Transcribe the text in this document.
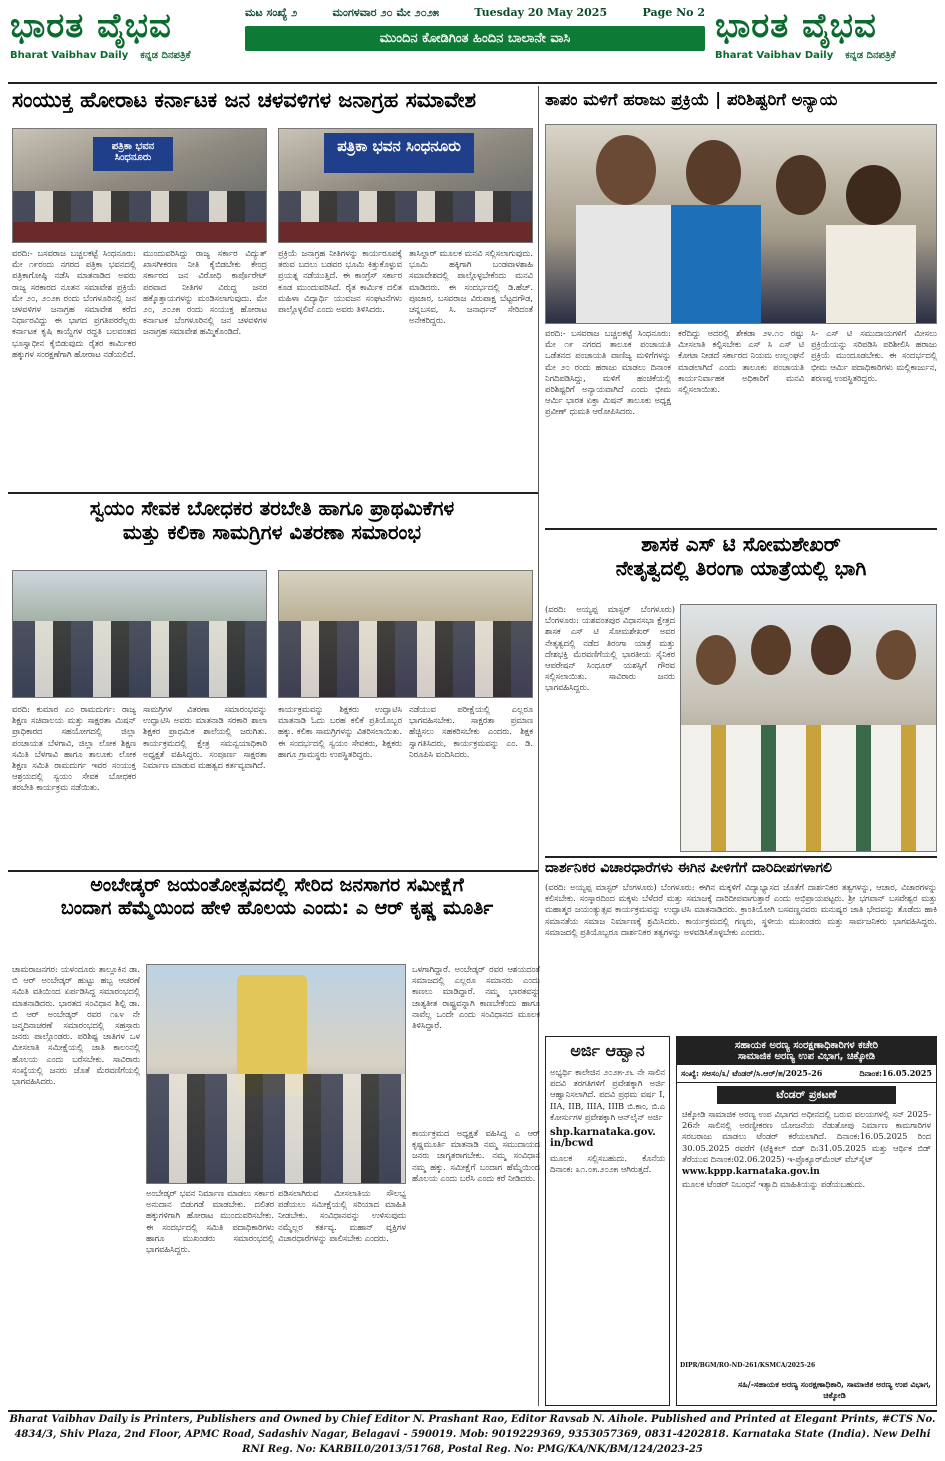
ಭಾರತ ವೈಭವ
Bharat Vaibhav Daily ಕನ್ನಡ ದಿನಪತ್ರಿಕೆ
ಮಟ ಸಂಖ್ಯೆ ೨	ಮಂಗಳವಾರ ೨೦ ಮೇ ೨೦೨೫	Tuesday 20 May 2025	Page No 2
ಮುಂದಿನ ಕೋಡಿಗಿಂತ ಹಿಂದಿನ ಬಾಲಾನೇ ವಾಸಿ	ಭಾರತ ವೈಭವ
Bharat Vaibhav Daily ಕನ್ನಡ ದಿನಪತ್ರಿಕೆ
ಸಂಯುಕ್ತ ಹೋರಾಟ ಕರ್ನಾಟಕ ಜನ ಚಳವಳಿಗಳ ಜನಾಗ್ರಹ ಸಮಾವೇಶ
ಪತ್ರಿಕಾ ಭವನ ಸಿಂಧನೂರು
ಪತ್ರಿಕಾ ಭವನ ಸಿಂಧನೂರು
ವರದಿ:- ಬಸವರಾಜ ಬಚ್ಚಲಕಟ್ಟೆ ಸಿಂಧನೂರು: ಮೇ ೧೯ರಂದು ನಗರದ ಪತ್ರಿಕಾ ಭವನದಲ್ಲಿ ಪತ್ರಿಕಾಗೋಷ್ಠಿ ನಡೆಸಿ ಮಾತನಾಡಿದ ಅವರು ರಾಜ್ಯ ಸರಕಾರದ ನೂತನ ಸಮಾವೇಶ ಪ್ರಕ್ರಿಯೆ ಮೇ ೨೦, ೨೦೨೫ ರಂದು ಬೆಂಗಳೂರಿನಲ್ಲಿ ಜನ ಚಳವಳಿಗಳ ಜನಾಗ್ರಹ ಸಮಾವೇಶ ಕರೆದ ನಿರ್ಧಾರವಿದ್ದು ಈ ಭಾಗದ ಪ್ರಗತಿಪರರೆಲ್ಲರು ಕರ್ನಾಟಕ ಕೃಷಿ ಕಾಯ್ದೆಗಳ ರದ್ದತಿ ಬಲವಂತದ ಭೂಸ್ವಾಧೀನ ಕೈಬಿಡುವುದು ರೈತರ ಕಾರ್ಮಿಕರ ಹಕ್ಕುಗಳ ಸಂರಕ್ಷಣೆಗಾಗಿ ಹೋರಾಟ ನಡೆಯಲಿದೆ.
ಮುಂದುವರಿಸಿದ್ದು ರಾಜ್ಯ ಸರ್ಕಾರ ವಿದ್ಯುತ್ ಖಾಸಗೀಕರಣ ನೀತಿ ಕೈಬಿಡಬೇಕು ಕೇಂದ್ರ ಸರ್ಕಾರದ ಜನ ವಿರೋಧಿ ಕಾರ್ಪೊರೇಟ್ ಪರವಾದ ನೀತಿಗಳ ವಿರುದ್ಧ ಜನರ ಹಕ್ಕೊತ್ತಾಯಗಳನ್ನು ಮಂಡಿಸಲಾಗುವುದು. ಮೇ ೨೦, ೨೦೨೫ ರಂದು ಸಂಯುಕ್ತ ಹೋರಾಟ ಕರ್ನಾಟಕ ಬೆಂಗಳೂರಿನಲ್ಲಿ ಜನ ಚಳವಳಿಗಳ ಜನಾಗ್ರಹ ಸಮಾವೇಶ ಹಮ್ಮಿಕೊಂಡಿದೆ.
ಪ್ರಕ್ರಿಯೆ ಜನಾಗ್ರಹ ನೀತಿಗಳನ್ನು ಕಾರ್ಯರೂಪಕ್ಕೆ ತರುವ ಬದಲು ಬಡವರ ಭೂಮಿ ಕಿತ್ತುಕೊಳ್ಳುವ ಪ್ರಯತ್ನ ನಡೆಯುತ್ತಿದೆ. ಈ ಕಾಂಗ್ರೆಸ್ ಸರ್ಕಾರ ಕೂಡ ಮುಂದುವರಿಸಿದೆ. ರೈತ ಕಾರ್ಮಿಕ ದಲಿತ ಮಹಿಳಾ ವಿದ್ಯಾರ್ಥಿ ಯುವಜನ ಸಂಘಟನೆಗಳು ಪಾಲ್ಗೊಳ್ಳಲಿವೆ ಎಂದು ಅವರು ತಿಳಿಸಿದರು.
ತಾಸಿಲ್ದಾರ್ ಮೂಲಕ ಮನವಿ ಸಲ್ಲಿಸಲಾಗುವುದು. ಭೂಮಿ ಹಕ್ಕಿಗಾಗಿ ಬಂಡವಾಳಶಾಹಿ ಸಮಾವೇಶದಲ್ಲಿ ಪಾಲ್ಗೊಳ್ಳಬೇಕೆಂದು ಮನವಿ ಮಾಡಿದರು. ಈ ಸಂದರ್ಭದಲ್ಲಿ ಡಿ.ಹೆಚ್. ಪೂಜಾರ, ಬಸವರಾಜ ವಿರುಪಾಕ್ಷ ಬೆಟ್ಟದಗೌಡ, ಚನ್ನಬಸವ, ಸಿ. ಜನಾರ್ಧನ್ ಸೇರಿದಂತೆ ಅನೇಕರಿದ್ದರು.
ತಾಪಂ ಮಳಿಗೆ ಹರಾಜು ಪ್ರಕ್ರಿಯೆ | ಪರಿಶಿಷ್ಟರಿಗೆ ಅನ್ಯಾಯ
ವರದಿ:- ಬಸವರಾಜ ಬಚ್ಚಲಕಟ್ಟೆ ಸಿಂಧನೂರು: ಮೇ ೧೯ ನಗರದ ತಾಲೂಕ ಪಂಚಾಯತಿ ಒಡೆತನದ ಪಂಚಾಯತಿ ವಾಣಿಜ್ಯ ಮಳಿಗೆಗಳನ್ನು ಮೇ ೨೦ ರಂದು ಹರಾಜು ಮಾಡಲು ದಿನಾಂಕ ನಿಗದಿಪಡಿಸಿದ್ದು, ಮಳಿಗೆ ಹಂಚಿಕೆಯಲ್ಲಿ ಪರಿಶಿಷ್ಟರಿಗೆ ಅನ್ಯಾಯವಾಗಿದೆ ಎಂದು ಭೀಮ ಆರ್ಮಿ ಭಾರತ ಏಕ್ತಾ ಮಿಷನ್ ತಾಲೂಕು ಅಧ್ಯಕ್ಷ ಪ್ರವೀಣ್ ಧುಮತಿ ಆರೋಪಿಸಿದರು.
ಕರೆದಿದ್ದು ಅದರಲ್ಲಿ ಶೇಕಡಾ ೨೪.೧೦ ರಷ್ಟು ಮೀಸಲಾತಿ ಕಲ್ಪಿಸಬೇಕು ಎಸ್ ಸಿ ಎಸ್ ಟಿ ಕೋಟಾ ನೀಡದೆ ಸರ್ಕಾರದ ನಿಯಮ ಉಲ್ಲಂಘನೆ ಮಾಡಲಾಗಿದೆ ಎಂದು ತಾಲೂಕು ಪಂಚಾಯತಿ ಕಾರ್ಯನಿರ್ವಾಹಕ ಅಧಿಕಾರಿಗೆ ಮನವಿ ಸಲ್ಲಿಸಲಾಯಿತು.
ಸಿ- ಎಸ್ ಟಿ ಸಮುದಾಯಗಳಿಗೆ ಮೀಸಲು ಪ್ರಕ್ರಿಯೆಯನ್ನು ಸರಿಪಡಿಸಿ ಪರಿಶೀಲಿಸಿ ಹರಾಜು ಪ್ರಕ್ರಿಯೆ ಮುಂದೂಡಬೇಕು. ಈ ಸಂದರ್ಭದಲ್ಲಿ ಭೀಮ ಆರ್ಮಿ ಪದಾಧಿಕಾರಿಗಳು ಮಲ್ಲಿಕಾರ್ಜುನ, ಶರಣಪ್ಪ ಉಪಸ್ಥಿತರಿದ್ದರು.
ಸ್ವಯಂ ಸೇವಕ ಬೋಧಕರ ತರಬೇತಿ ಹಾಗೂ ಪ್ರಾಥಮಿಕೆಗಳ
ಮತ್ತು ಕಲಿಕಾ ಸಾಮಗ್ರಿಗಳ ವಿತರಣಾ ಸಮಾರಂಭ
ವರದಿ: ಕುಮಾರ ಎಂ ರಾಮದುರ್ಗ: ರಾಜ್ಯ ಶಿಕ್ಷಣ ಸಚಿವಾಲಯ ಮತ್ತು ಸಾಕ್ಷರತಾ ಮಿಷನ್ ಪ್ರಾಧಿಕಾರದ ಸಹಯೋಗದಲ್ಲಿ ಜಿಲ್ಲಾ ಪಂಚಾಯತ ಬೆಳಗಾವಿ, ಜಿಲ್ಲಾ ಲೋಕ ಶಿಕ್ಷಣ ಸಮಿತಿ ಬೆಳಗಾವಿ ಹಾಗೂ ತಾಲೂಕು ಲೋಕ ಶಿಕ್ಷಣ ಸಮಿತಿ ರಾಮದುರ್ಗ ಇವರ ಸಂಯುಕ್ತ ಆಶ್ರಯದಲ್ಲಿ ಸ್ವಯಂ ಸೇವಕ ಬೋಧಕರ ತರಬೇತಿ ಕಾರ್ಯಕ್ರಮ ನಡೆಯಿತು.
ಸಾಮಗ್ರಿಗಳ ವಿತರಣಾ ಸಮಾರಂಭವನ್ನು ಉದ್ಘಾಟಿಸಿ ಅವರು ಮಾತನಾಡಿ ಸರಕಾರಿ ಶಾಲಾ ಶಿಕ್ಷಕರ ಪ್ರಾಥಮಿಕ ಶಾಲೆಯಲ್ಲಿ ಜರುಗಿತು. ಕಾರ್ಯಕ್ರಮದಲ್ಲಿ ಕ್ಷೇತ್ರ ಸಮನ್ವಯಾಧಿಕಾರಿ ಅಧ್ಯಕ್ಷತೆ ವಹಿಸಿದ್ದರು. ಸಂಪೂರ್ಣ ಸಾಕ್ಷರತಾ ನಿರ್ಮಾಣ ಮಾಡುವ ಮಹತ್ವದ ಕರ್ತವ್ಯವಾಗಿದೆ.
ಕಾರ್ಯಕ್ರಮವನ್ನು ಶಿಕ್ಷಕರು ಉದ್ಘಾಟಿಸಿ ಮಾತನಾಡಿ ಓದು ಬರಹ ಕಲಿಕೆ ಪ್ರತಿಯೊಬ್ಬರ ಹಕ್ಕು. ಕಲಿಕಾ ಸಾಮಗ್ರಿಗಳನ್ನು ವಿತರಿಸಲಾಯಿತು. ಈ ಸಂದರ್ಭದಲ್ಲಿ ಸ್ವಯಂ ಸೇವಕರು, ಶಿಕ್ಷಕರು ಹಾಗೂ ಗ್ರಾಮಸ್ಥರು ಉಪಸ್ಥಿತರಿದ್ದರು.
ನಡೆಯುವ ಪರೀಕ್ಷೆಯಲ್ಲಿ ಎಲ್ಲರೂ ಭಾಗವಹಿಸಬೇಕು. ಸಾಕ್ಷರತಾ ಪ್ರಮಾಣ ಹೆಚ್ಚಿಸಲು ಸಹಕರಿಸಬೇಕು ಎಂದರು. ಶಿಕ್ಷಕ ಸ್ವಾಗತಿಸಿದರು, ಕಾರ್ಯಕ್ರಮವನ್ನು ಎಂ. ಡಿ. ನಿರೂಪಿಸಿ ವಂದಿಸಿದರು.
ಶಾಸಕ ಎಸ್ ಟಿ ಸೋಮಶೇಖರ್
ನೇತೃತ್ವದಲ್ಲಿ ತಿರಂಗಾ ಯಾತ್ರೆಯಲ್ಲಿ ಭಾಗಿ
(ವರದಿ: ಅಯ್ಯಪ್ಪ ಮಾಸ್ಟರ್ ಬೆಂಗಳೂರು) ಬೆಂಗಳೂರು: ಯಶವಂತಪುರ ವಿಧಾನಸಭಾ ಕ್ಷೇತ್ರದ ಶಾಸಕ ಎಸ್ ಟಿ ಸೋಮಶೇಖರ್ ಅವರ ನೇತೃತ್ವದಲ್ಲಿ ನಡೆದ ತಿರಂಗಾ ಯಾತ್ರೆ ಮತ್ತು ದೇಶಭಕ್ತಿ ಮೆರವಣಿಗೆಯಲ್ಲಿ ಭಾರತೀಯ ಸೈನಿಕರ ಆಪರೇಷನ್ ಸಿಂಧೂರ್ ಯಶಸ್ಸಿಗೆ ಗೌರವ ಸಲ್ಲಿಸಲಾಯಿತು. ಸಾವಿರಾರು ಜನರು ಭಾಗವಹಿಸಿದ್ದರು.
ದಾರ್ಶನಿಕರ ವಿಚಾರಧಾರೆಗಳು ಈಗಿನ ಪೀಳಿಗೆಗೆ ದಾರಿದೀಪಗಳಾಗಲಿ
(ವರದಿ: ಅಯ್ಯಪ್ಪ ಮಾಸ್ಟರ್ ಬೆಂಗಳೂರು) ಬೆಂಗಳೂರು: ಈಗಿನ ಮಕ್ಕಳಿಗೆ ವಿದ್ಯಾಭ್ಯಾಸದ ಜೊತೆಗೆ ದಾರ್ಶನಿಕರ ತತ್ವಗಳನ್ನು, ಆಚಾರ, ವಿಚಾರಗಳನ್ನು ಕಲಿಸಬೇಕು. ಸಂಸ್ಕಾರದಿಂದ ಮಕ್ಕಳು ಬೆಳೆದರೆ ಮತ್ತು ಸಮಾಜಕ್ಕೆ ದಾರಿದೀಪವಾಗುತ್ತಾರೆ ಎಂದು ಅಭಿಪ್ರಾಯಪಟ್ಟರು. ಶ್ರೀ ಭಗವಾನ್ ಬಸವೇಶ್ವರ ಮತ್ತು ಮಹಾತ್ಮರ ಜಯಂತ್ಯುತ್ಸವ ಕಾರ್ಯಕ್ರಮವನ್ನು ಉದ್ಘಾಟಿಸಿ ಮಾತನಾಡಿದರು. ಕ್ರಾಂತಿಯೋಗಿ ಬಸವಣ್ಣನವರು ಮನುಷ್ಯರ ಜಾತಿ ಭೇದವನ್ನು ತೊಡೆದು ಹಾಕಿ ಸಮಾನತೆಯ ಸಮಾಜ ನಿರ್ಮಾಣಕ್ಕೆ ಶ್ರಮಿಸಿದರು. ಕಾರ್ಯಕ್ರಮದಲ್ಲಿ ಗಣ್ಯರು, ಸ್ಥಳೀಯ ಮುಖಂಡರು ಮತ್ತು ಸಾರ್ವಜನಿಕರು ಭಾಗವಹಿಸಿದ್ದರು. ಸಮಾಜದಲ್ಲಿ ಪ್ರತಿಯೊಬ್ಬರೂ ದಾರ್ಶನಿಕರ ತತ್ವಗಳನ್ನು ಅಳವಡಿಸಿಕೊಳ್ಳಬೇಕು ಎಂದರು.
ಅಂಬೇಡ್ಕರ್ ಜಯಂತೋತ್ಸವದಲ್ಲಿ ಸೇರಿದ ಜನಸಾಗರ ಸಮೀಕ್ಷೆಗೆ
ಬಂದಾಗ ಹೆಮ್ಮೆಯಿಂದ ಹೇಳಿ ಹೊಲಯ ಎಂದು: ಎ ಆರ್ ಕೃಷ್ಣ ಮೂರ್ತಿ
ಚಾಮರಾಜನಗರ: ಯಳಂದೂರು ತಾಲ್ಲೂಕಿನ ಡಾ. ಬಿ ಆರ್ ಅಂಬೇಡ್ಕರ್ ಹುಟ್ಟು ಹಬ್ಬ ಆಚರಣೆ ಸಮಿತಿ ವತಿಯಿಂದ ಏರ್ಪಡಿಸಿದ್ದ ಸಮಾರಂಭದಲ್ಲಿ ಮಾತನಾಡಿದರು. ಭಾರತದ ಸಂವಿಧಾನ ಶಿಲ್ಪಿ ಡಾ. ಬಿ ಆರ್ ಅಂಬೇಡ್ಕರ್ ರವರ ೧೩೪ ನೇ ಜನ್ಮದಿನಾಚರಣೆ ಸಮಾರಂಭದಲ್ಲಿ ಸಹಸ್ರಾರು ಜನರು ಪಾಲ್ಗೊಂಡರು. ಪರಿಶಿಷ್ಟ ಜಾತಿಗಳ ಒಳ ಮೀಸಲಾತಿ ಸಮೀಕ್ಷೆಯಲ್ಲಿ ಜಾತಿ ಕಾಲಂನಲ್ಲಿ ಹೊಲಯ ಎಂದು ಬರೆಸಬೇಕು. ಸಾವಿರಾರು ಸಂಖ್ಯೆಯಲ್ಲಿ ಜನರು ಜೊತೆ ಮೆರವಣಿಗೆಯಲ್ಲಿ ಭಾಗವಹಿಸಿದರು.
ಒಳಗಾಗಿದ್ದಾರೆ. ಅಂಬೇಡ್ಕರ್ ರವರ ಆಶಯದಂತೆ ಸಮಾಜದಲ್ಲಿ ಎಲ್ಲರೂ ಸಮಾನರು ಎಂದು ಕಾಣಲು ಮಾಡಿದ್ದಾರೆ. ನಮ್ಮ ಭಾರತವನ್ನು ಜಾತ್ಯತೀತ ರಾಷ್ಟ್ರವನ್ನಾಗಿ ಕಾಣಬೇಕೆಂದು ಹಾಗೂ ನಾವೆಲ್ಲ ಒಂದೇ ಎಂದು ಸಂವಿಧಾನದ ಮೂಲಕ ತಿಳಿಸಿದ್ದಾರೆ.
ಅಂಬೇಡ್ಕರ್ ಭವನ ನಿರ್ಮಾಣ ಮಾಡಲು ಸರ್ಕಾರ ಅನುದಾನ ಬಿಡುಗಡೆ ಮಾಡಬೇಕು. ದಲಿತರ ಹಕ್ಕುಗಳಿಗಾಗಿ ಹೋರಾಟ ಮುಂದುವರಿಸಬೇಕು. ಈ ಸಂದರ್ಭದಲ್ಲಿ ಸಮಿತಿ ಪದಾಧಿಕಾರಿಗಳು ಹಾಗೂ ಮುಖಂಡರು ಸಮಾರಂಭದಲ್ಲಿ ಭಾಗವಹಿಸಿದ್ದರು.
ಪಡಿಸಲಾಗಿರುವ ಮೀಸಲಾತಿಯ ಸೌಲಭ್ಯ ಪಡೆಯಲು ಸಮೀಕ್ಷೆಯಲ್ಲಿ ಸರಿಯಾದ ಮಾಹಿತಿ ನೀಡಬೇಕು. ಸಂವಿಧಾನವನ್ನು ಉಳಿಸುವುದು ನಮ್ಮೆಲ್ಲರ ಕರ್ತವ್ಯ. ಮಹಾನ್ ವ್ಯಕ್ತಿಗಳ ವಿಚಾರಧಾರೆಗಳನ್ನು ಪಾಲಿಸಬೇಕು ಎಂದರು.
ಕಾರ್ಯಕ್ರಮದ ಅಧ್ಯಕ್ಷತೆ ವಹಿಸಿದ್ದ ಎ ಆರ್ ಕೃಷ್ಣಮೂರ್ತಿ ಮಾತನಾಡಿ ನಮ್ಮ ಸಮುದಾಯದ ಜನರು ಜಾಗೃತರಾಗಬೇಕು. ನಮ್ಮ ಸಂವಿಧಾನ ನಮ್ಮ ಹಕ್ಕು. ಸಮೀಕ್ಷೆಗೆ ಬಂದಾಗ ಹೆಮ್ಮೆಯಿಂದ ಹೊಲಯ ಎಂದು ಬರೆಸಿ ಎಂದು ಕರೆ ನೀಡಿದರು.
ಅರ್ಜಿ ಆಹ್ವಾನ
ಅಭ್ಯರ್ಥಿ ಕಾಲೇಜಿನ ೨೦೨೫-೨೬ ನೇ ಸಾಲಿನ ಪದವಿ ತರಗತಿಗಳಿಗೆ ಪ್ರವೇಶಕ್ಕಾಗಿ ಅರ್ಜಿ ಆಹ್ವಾನಿಸಲಾಗಿದೆ. ಪದವಿ ಪ್ರಥಮ ವರ್ಷ I, IIA, IIB, IIIA, IIIB ಬಿ.ಕಾಂ, ಬಿ.ಎ ಕೋರ್ಸುಗಳ ಪ್ರವೇಶಕ್ಕಾಗಿ ಆನ್‌ಲೈನ್ ಅರ್ಜಿ
shp.karnataka.gov. in/bcwd
ಮೂಲಕ ಸಲ್ಲಿಸಬಹುದು. ಕೊನೆಯ ದಿನಾಂಕ: ೩೧.೦೫.೨೦೨೫ ಆಗಿರುತ್ತದೆ.
ಸಹಾಯಕ ಅರಣ್ಯ ಸಂರಕ್ಷಣಾಧಿಕಾರಿಗಳ ಕಚೇರಿ
ಸಾಮಾಜಿಕ ಅರಣ್ಯ ಉಪ ವಿಭಾಗ, ಚಿಕ್ಕೋಡಿ
ಸಂಖ್ಯೆ: ಸಅಸಂ/೩/ ಟೆಂಡರ್/ಸಿ.ಆರ್/೫/2025-26	ದಿನಾಂಕ:16.05.2025
ಟೆಂಡರ್ ಪ್ರಕಟಣೆ
ಚಿಕ್ಕೋಡಿ ಸಾಮಾಜಿಕ ಅರಣ್ಯ ಉಪ ವಿಭಾಗದ ಅಧೀನದಲ್ಲಿ ಬರುವ ವಲಯಗಳಲ್ಲಿ ಸನ್ 2025-26ನೇ ಸಾಲಿನಲ್ಲಿ ಅರಣ್ಯೀಕರಣ ಯೋಜನೆಯ ನೆಡುತೋಪು ನಿರ್ಮಾಣ ಕಾಮಗಾರಿಗಳ ಸರಬರಾಜು ಮಾಡಲು ಟೆಂಡರ್ ಕರೆಯಲಾಗಿದೆ. ದಿನಾಂಕ:16.05.2025 ರಿಂದ 30.05.2025 ರವರೆಗೆ (ಟೆಕ್ನಿಕಲ್ ಬಿಡ್ ದಿ:31.05.2025 ಮತ್ತು ಆರ್ಥಿಕ ಬಿಡ್ ತೆರೆಯುವ ದಿನಾಂಕ:02.06.2025) ಇ-ಪ್ರೊಕ್ಯೂರ್‌ಮೆಂಟ್ ವೆಬ್‌ಸೈಟ್
www.kppp.karnataka.gov.in
ಮೂಲಕ ಟೆಂಡರ್ ನಿಬಂಧನೆ ಇತ್ಯಾದಿ ಮಾಹಿತಿಯನ್ನು ಪಡೆಯಬಹುದು.
DIPR/BGM/RO-ND-261/KSMCA/2025-26
ಸಹಿ/-ಸಹಾಯಕ ಅರಣ್ಯ ಸಂರಕ್ಷಣಾಧಿಕಾರಿ, ಸಾಮಾಜಿಕ ಅರಣ್ಯ ಉಪ ವಿಭಾಗ, ಚಿಕ್ಕೋಡಿ
Bharat Vaibhav Daily is Printers, Publishers and Owned by Chief Editor N. Prashant Rao, Editor Ravsab N. Aihole. Published and Printed at Elegant Prints, #CTS No. 4834/3, Shiv Plaza, 2nd Floor, APMC Road, Sadashiv Nagar, Belagavi - 590019. Mob: 9019229369, 9353057369, 0831-4202818. Karnataka State (India). New Delhi RNI Reg. No: KARBIL0/2013/51768, Postal Reg. No: PMG/KA/NK/BM/124/2023-25
